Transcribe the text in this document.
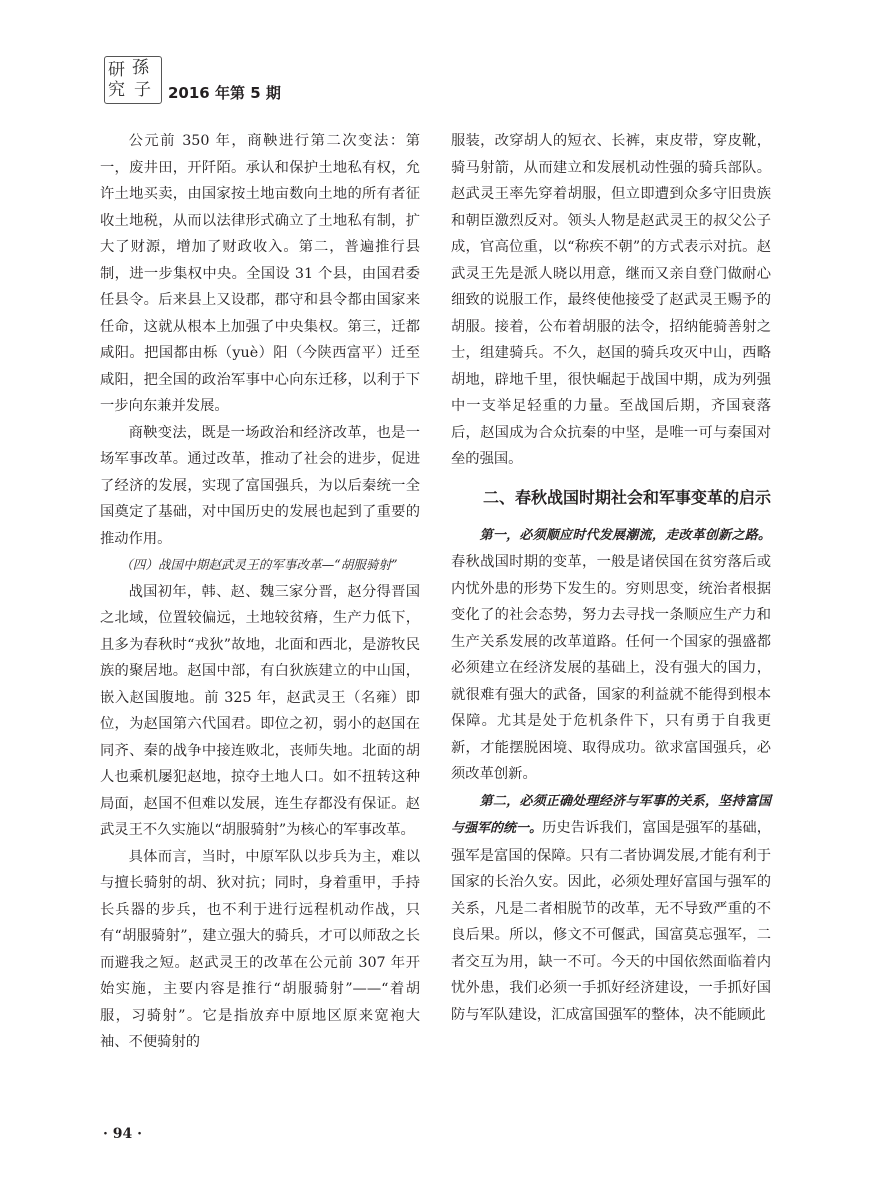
研 孫
究 子 2016 年第 5 期

公元前 350 年，商鞅进行第二次变法：第一，废井田，开阡陌。承认和保护土地私有权，允许土地买卖，由国家按土地亩数向土地的所有者征收土地税，从而以法律形式确立了土地私有制，扩大了财源，增加了财政收入。第二，普遍推行县制，进一步集权中央。全国设 31 个县，由国君委任县令。后来县上又设郡，郡守和县令都由国家来任命，这就从根本上加强了中央集权。第三，迁都咸阳。把国都由栎（yuè）阳（今陕西富平）迁至咸阳，把全国的政治军事中心向东迁移，以利于下一步向东兼并发展。

商鞅变法，既是一场政治和经济改革，也是一场军事改革。通过改革，推动了社会的进步，促进了经济的发展，实现了富国强兵，为以后秦统一全国奠定了基础，对中国历史的发展也起到了重要的推动作用。

（四）战国中期赵武灵王的军事改革—“胡服骑射”

战国初年，韩、赵、魏三家分晋，赵分得晋国之北域，位置较偏远，土地较贫瘠，生产力低下，且多为春秋时“戎狄”故地，北面和西北，是游牧民族的聚居地。赵国中部，有白狄族建立的中山国，嵌入赵国腹地。前 325 年，赵武灵王（名雍）即位，为赵国第六代国君。即位之初，弱小的赵国在同齐、秦的战争中接连败北，丧师失地。北面的胡人也乘机屡犯赵地，掠夺土地人口。如不扭转这种局面，赵国不但难以发展，连生存都没有保证。赵武灵王不久实施以“胡服骑射”为核心的军事改革。

具体而言，当时，中原军队以步兵为主，难以与擅长骑射的胡、狄对抗；同时，身着重甲，手持长兵器的步兵，也不利于进行远程机动作战，只有“胡服骑射”，建立强大的骑兵，才可以师敌之长而避我之短。赵武灵王的改革在公元前 307 年开始实施，主要内容是推行“胡服骑射”——“着胡服，习骑射”。它是指放弃中原地区原来宽袍大袖、不便骑射的

服装，改穿胡人的短衣、长裤，束皮带，穿皮靴，骑马射箭，从而建立和发展机动性强的骑兵部队。赵武灵王率先穿着胡服，但立即遭到众多守旧贵族和朝臣激烈反对。领头人物是赵武灵王的叔父公子成，官高位重，以“称疾不朝”的方式表示对抗。赵武灵王先是派人晓以用意，继而又亲自登门做耐心细致的说服工作，最终使他接受了赵武灵王赐予的胡服。接着，公布着胡服的法令，招纳能骑善射之士，组建骑兵。不久，赵国的骑兵攻灭中山，西略胡地，辟地千里，很快崛起于战国中期，成为列强中一支举足轻重的力量。至战国后期，齐国衰落后，赵国成为合众抗秦的中坚，是唯一可与秦国对垒的强国。

二、春秋战国时期社会和军事变革的启示

第一，必须顺应时代发展潮流，走改革创新之路。春秋战国时期的变革，一般是诸侯国在贫穷落后或内忧外患的形势下发生的。穷则思变，统治者根据变化了的社会态势，努力去寻找一条顺应生产力和生产关系发展的改革道路。任何一个国家的强盛都必须建立在经济发展的基础上，没有强大的国力，就很难有强大的武备，国家的利益就不能得到根本保障。尤其是处于危机条件下，只有勇于自我更新，才能摆脱困境、取得成功。欲求富国强兵，必须改革创新。

第二，必须正确处理经济与军事的关系，坚持富国与强军的统一。历史告诉我们，富国是强军的基础，强军是富国的保障。只有二者协调发展,才能有利于国家的长治久安。因此，必须处理好富国与强军的关系，凡是二者相脱节的改革，无不导致严重的不良后果。所以，修文不可偃武，国富莫忘强军，二者交互为用，缺一不可。今天的中国依然面临着内忧外患，我们必须一手抓好经济建设，一手抓好国防与军队建设，汇成富国强军的整体，决不能顾此

· 94 ·
